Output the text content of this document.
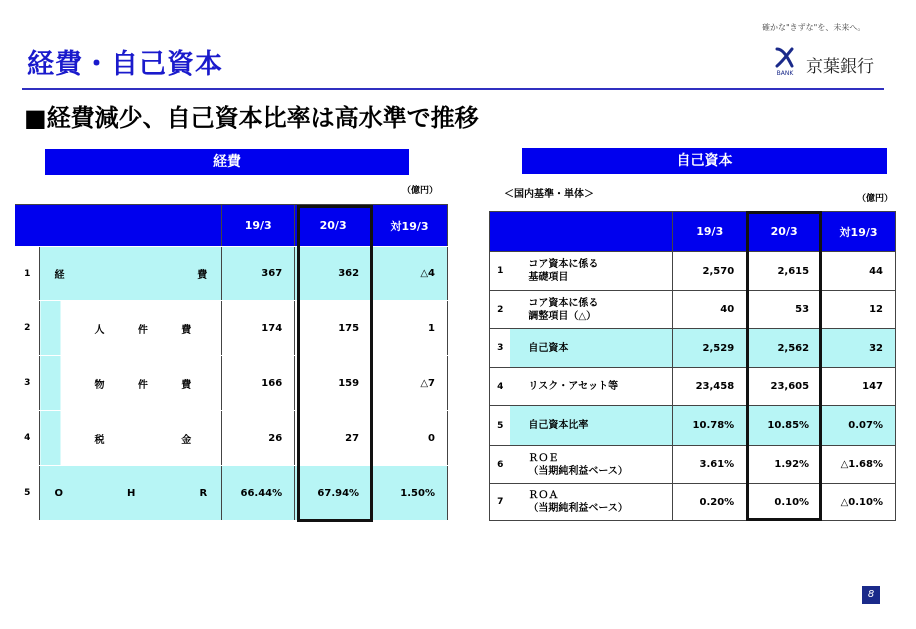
経費・自己資本
確かな"きずな"を、未来へ。
BANK 京葉銀行
■経費減少、自己資本比率は高水準で推移
経費
（億円）
		19/3	20/3	対19/3
1	経 費	367	362	△4
2	人 件 費	174	175	1
3	物 件 費	166	159	△7
4	税 金	26	27	0
5	O H R	66.44%	67.94%	1.50%
自己資本
＜国内基準・単体＞	（億円）
		19/3	20/3	対19/3
1	コア資本に係る
基礎項目	2,570	2,615	44
2	コア資本に係る
調整項目（△）	40	53	12
3	自己資本	2,529	2,562	32
4	リスク・アセット等	23,458	23,605	147
5	自己資本比率	10.78%	10.85%	0.07%
6	ＲＯＥ
（当期純利益ベース）	3.61%	1.92%	△1.68%
7	ＲＯＡ
（当期純利益ベース）	0.20%	0.10%	△0.10%
8
